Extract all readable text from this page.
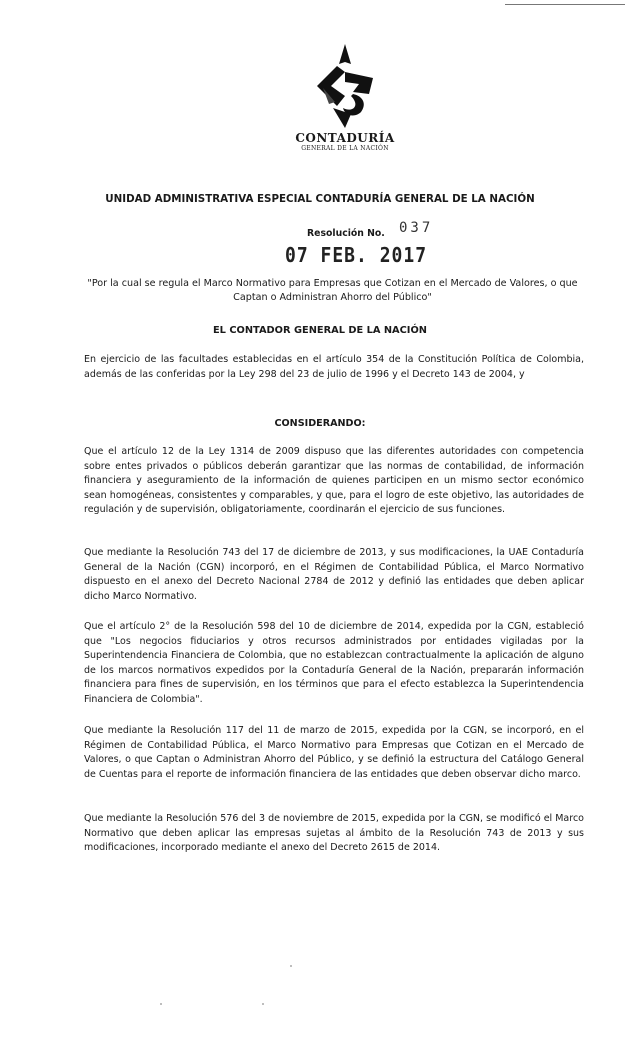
CONTADURÍA
GENERAL DE LA NACIÓN
UNIDAD ADMINISTRATIVA ESPECIAL CONTADURÍA GENERAL DE LA NACIÓN
Resolución No. 037
07 FEB. 2017
"Por la cual se regula el Marco Normativo para Empresas que Cotizan en el Mercado de Valores, o que Captan o Administran Ahorro del Público"
EL CONTADOR GENERAL DE LA NACIÓN
En ejercicio de las facultades establecidas en el artículo 354 de la Constitución Política de Colombia, además de las conferidas por la Ley 298 del 23 de julio de 1996 y el Decreto 143 de 2004, y
CONSIDERANDO:
Que el artículo 12 de la Ley 1314 de 2009 dispuso que las diferentes autoridades con competencia sobre entes privados o públicos deberán garantizar que las normas de contabilidad, de información financiera y aseguramiento de la información de quienes participen en un mismo sector económico sean homogéneas, consistentes y comparables, y que, para el logro de este objetivo, las autoridades de regulación y de supervisión, obligatoriamente, coordinarán el ejercicio de sus funciones.
Que mediante la Resolución 743 del 17 de diciembre de 2013, y sus modificaciones, la UAE Contaduría General de la Nación (CGN) incorporó, en el Régimen de Contabilidad Pública, el Marco Normativo dispuesto en el anexo del Decreto Nacional 2784 de 2012 y definió las entidades que deben aplicar dicho Marco Normativo.
Que el artículo 2° de la Resolución 598 del 10 de diciembre de 2014, expedida por la CGN, estableció que "Los negocios fiduciarios y otros recursos administrados por entidades vigiladas por la Superintendencia Financiera de Colombia, que no establezcan contractualmente la aplicación de alguno de los marcos normativos expedidos por la Contaduría General de la Nación, prepararán información financiera para fines de supervisión, en los términos que para el efecto establezca la Superintendencia Financiera de Colombia".
Que mediante la Resolución 117 del 11 de marzo de 2015, expedida por la CGN, se incorporó, en el Régimen de Contabilidad Pública, el Marco Normativo para Empresas que Cotizan en el Mercado de Valores, o que Captan o Administran Ahorro del Público, y se definió la estructura del Catálogo General de Cuentas para el reporte de información financiera de las entidades que deben observar dicho marco.
Que mediante la Resolución 576 del 3 de noviembre de 2015, expedida por la CGN, se modificó el Marco Normativo que deben aplicar las empresas sujetas al ámbito de la Resolución 743 de 2013 y sus modificaciones, incorporado mediante el anexo del Decreto 2615 de 2014.
